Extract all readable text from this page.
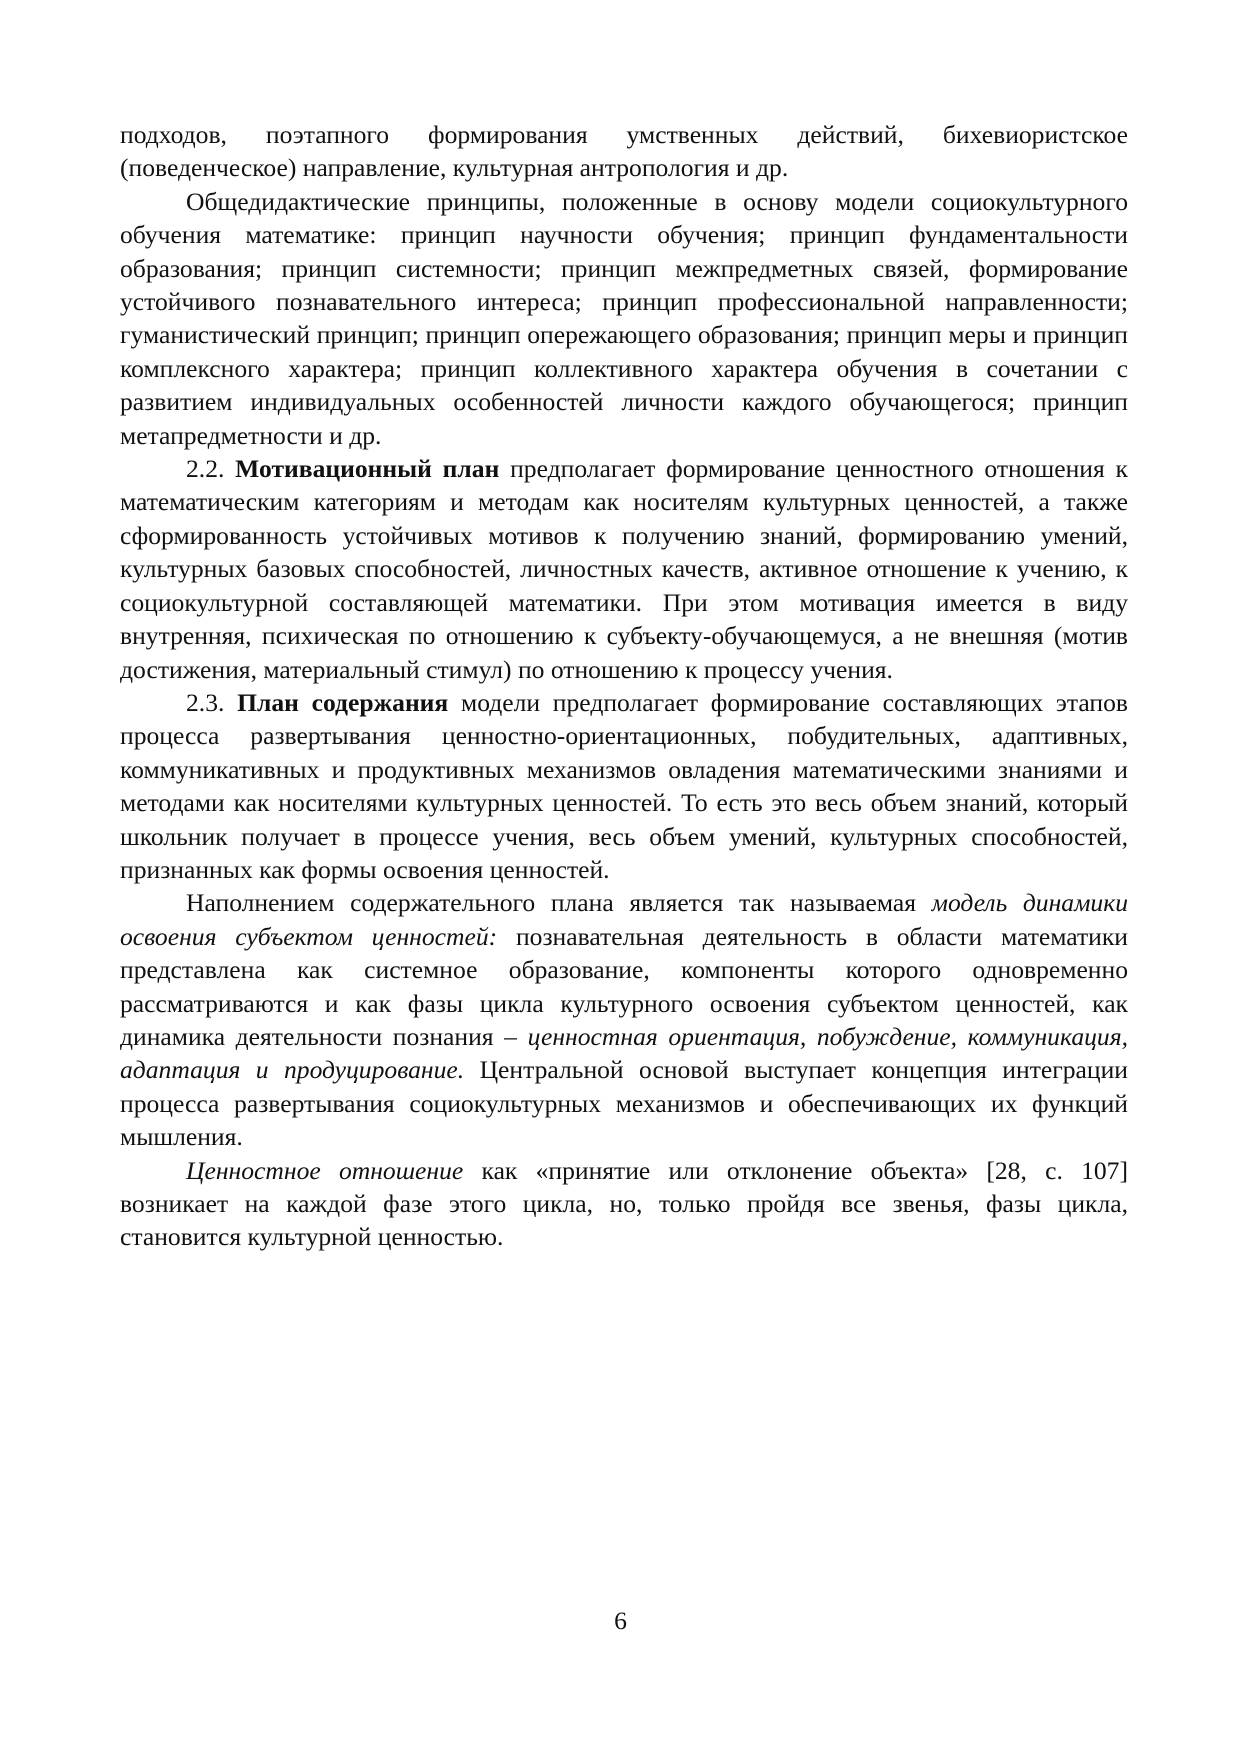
подходов, поэтапного формирования умственных действий, бихевиористское (поведенческое) направление, культурная антропология и др.

Общедидактические принципы, положенные в основу модели социокультурного обучения математике: принцип научности обучения; принцип фундаментальности образования; принцип системности; принцип межпредметных связей, формирование устойчивого познавательного интереса; принцип профессиональной направленности; гуманистический принцип; принцип опережающего образования; принцип меры и принцип комплексного характера; принцип коллективного характера обучения в сочетании с развитием индивидуальных особенностей личности каждого обучающегося; принцип метапредметности и др.

2.2. Мотивационный план предполагает формирование ценностного отношения к математическим категориям и методам как носителям культурных ценностей, а также сформированность устойчивых мотивов к получению знаний, формированию умений, культурных базовых способностей, личностных качеств, активное отношение к учению, к социокультурной составляющей математики. При этом мотивация имеется в виду внутренняя, психическая по отношению к субъекту-обучающемуся, а не внешняя (мотив достижения, материальный стимул) по отношению к процессу учения.

2.3. План содержания модели предполагает формирование составляющих этапов процесса развертывания ценностно-ориентационных, побудительных, адаптивных, коммуникативных и продуктивных механизмов овладения математическими знаниями и методами как носителями культурных ценностей. То есть это весь объем знаний, который школьник получает в процессе учения, весь объем умений, культурных способностей, признанных как формы освоения ценностей.

Наполнением содержательного плана является так называемая модель динамики освоения субъектом ценностей: познавательная деятельность в области математики представлена как системное образование, компоненты которого одновременно рассматриваются и как фазы цикла культурного освоения субъектом ценностей, как динамика деятельности познания – ценностная ориентация, побуждение, коммуникация, адаптация и продуцирование. Центральной основой выступает концепция интеграции процесса развертывания социокультурных механизмов и обеспечивающих их функций мышления.

Ценностное отношение как «принятие или отклонение объекта» [28, с. 107] возникает на каждой фазе этого цикла, но, только пройдя все звенья, фазы цикла, становится культурной ценностью.

6
